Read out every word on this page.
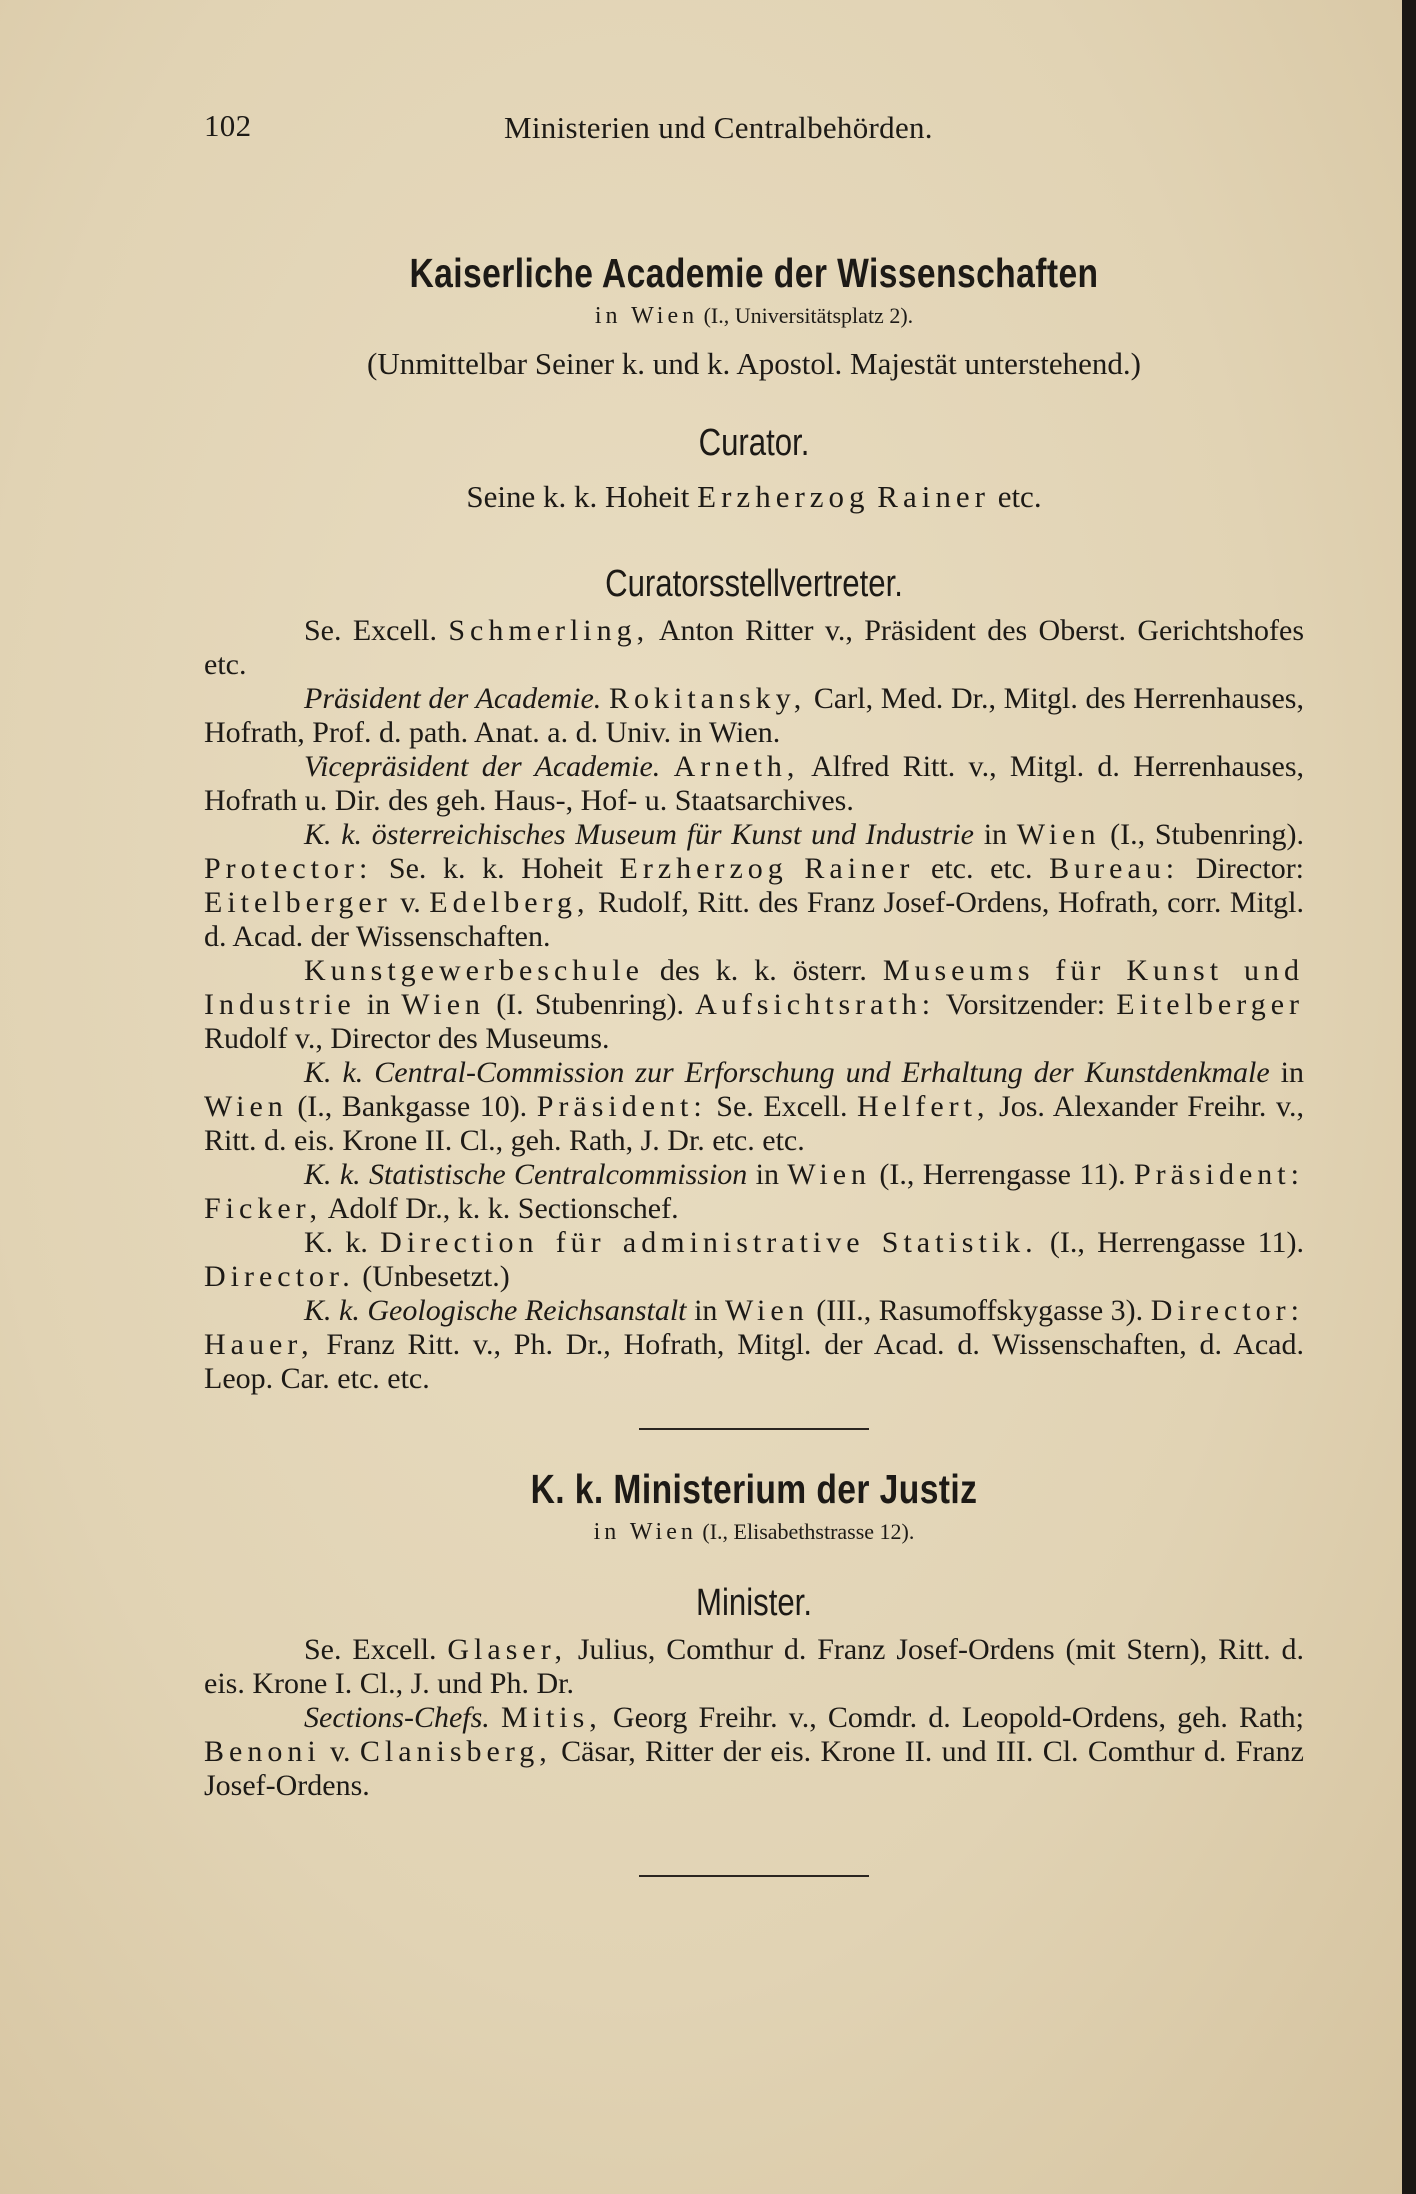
102	Ministerien und Centralbehörden.
Kaiserliche Academie der Wissenschaften
in Wien (I., Universitätsplatz 2).
(Unmittelbar Seiner k. und k. Apostol. Majestät unterstehend.)
Curator.
Seine k. k. Hoheit Erzherzog Rainer etc.
Curatorsstellvertreter.

Se. Excell. Schmerling, Anton Ritter v., Präsident des Oberst. Gerichtshofes etc.

Präsident der Academie. Rokitansky, Carl, Med. Dr., Mitgl. des Herrenhauses, Hofrath, Prof. d. path. Anat. a. d. Univ. in Wien.

Vicepräsident der Academie. Arneth, Alfred Ritt. v., Mitgl. d. Herrenhauses, Hofrath u. Dir. des geh. Haus-, Hof- u. Staatsarchives.

K. k. österreichisches Museum für Kunst und Industrie in Wien (I., Stubenring). Protector: Se. k. k. Hoheit Erzherzog Rainer etc. etc. Bureau: Director: Eitelberger v. Edelberg, Rudolf, Ritt. des Franz Josef-Ordens, Hofrath, corr. Mitgl. d. Acad. der Wissenschaften.

Kunstgewerbeschule des k. k. österr. Museums für Kunst und Industrie in Wien (I. Stubenring). Aufsichtsrath: Vorsitzender: Eitelberger Rudolf v., Director des Museums.

K. k. Central-Commission zur Erforschung und Erhaltung der Kunstdenkmale in Wien (I., Bankgasse 10). Präsident: Se. Excell. Helfert, Jos. Alexander Freihr. v., Ritt. d. eis. Krone II. Cl., geh. Rath, J. Dr. etc. etc.

K. k. Statistische Centralcommission in Wien (I., Herrengasse 11). Präsident: Ficker, Adolf Dr., k. k. Sectionschef.

K. k. Direction für administrative Statistik. (I., Herrengasse 11). Director. (Unbesetzt.)

K. k. Geologische Reichsanstalt in Wien (III., Rasumoffskygasse 3). Director: Hauer, Franz Ritt. v., Ph. Dr., Hofrath, Mitgl. der Acad. d. Wissenschaften, d. Acad. Leop. Car. etc. etc.

K. k. Ministerium der Justiz
in Wien (I., Elisabethstrasse 12).
Minister.

Se. Excell. Glaser, Julius, Comthur d. Franz Josef-Ordens (mit Stern), Ritt. d. eis. Krone I. Cl., J. und Ph. Dr.

Sections-Chefs. Mitis, Georg Freihr. v., Comdr. d. Leopold-Ordens, geh. Rath; Benoni v. Clanisberg, Cäsar, Ritter der eis. Krone II. und III. Cl. Comthur d. Franz Josef-Ordens.
